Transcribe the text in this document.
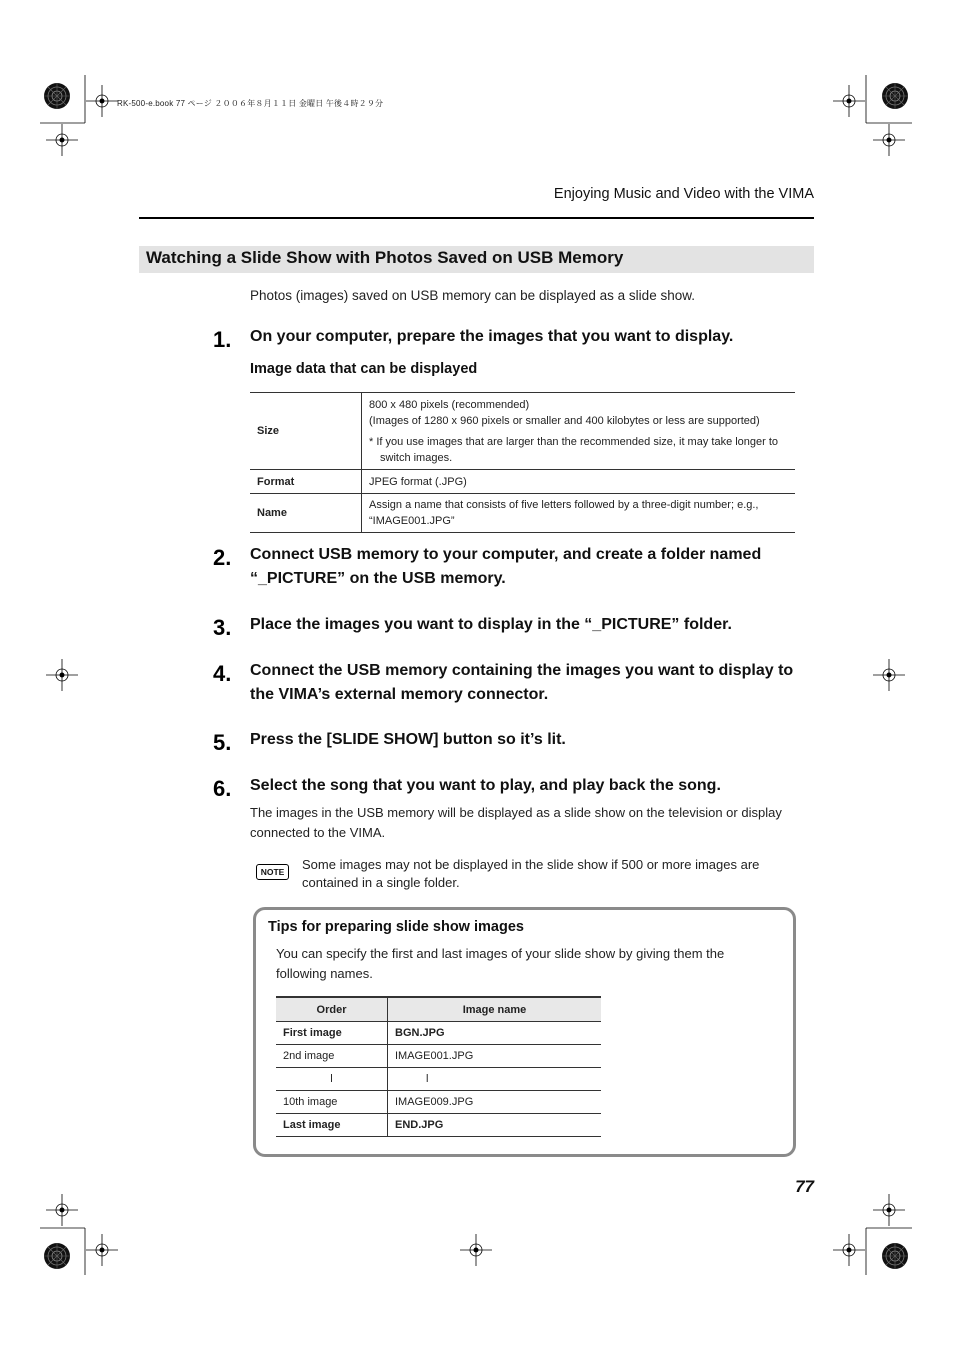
RK-500-e.book 77 ページ ２００６年８月１１日 金曜日 午後４時２９分
Enjoying Music and Video with the VIMA
Watching a Slide Show with Photos Saved on USB Memory
Photos (images) saved on USB memory can be displayed as a slide show.
1. On your computer, prepare the images that you want to display.
Image data that can be displayed
Size	800 x 480 pixels (recommended)

(Images of 1280 x 960 pixels or smaller and 400 kilobytes or less are supported)

* If you use images that are larger than the recommended size, it may take longer to switch images.

Format	JPEG format (.JPG)
Name	Assign a name that consists of five letters followed by a three-digit number; e.g., “IMAGE001.JPG”

2. Connect USB memory to your computer, and create a folder named “_PICTURE” on the USB memory.
3. Place the images you want to display in the “_PICTURE” folder.
4. Connect the USB memory containing the images you want to display to the VIMA’s external memory connector.
5. Press the [SLIDE SHOW] button so it’s lit.
6. Select the song that you want to play, and play back the song.
The images in the USB memory will be displayed as a slide show on the television or display connected to the VIMA.
NOTE	Some images may not be displayed in the slide show if 500 or more images are contained in a single folder.
Tips for preparing slide show images
You can specify the first and last images of your slide show by giving them the following names.
Order	Image name
First image	BGN.JPG
2nd image	IMAGE001.JPG
l	l
10th image	IMAGE009.JPG
Last image	END.JPG
77
